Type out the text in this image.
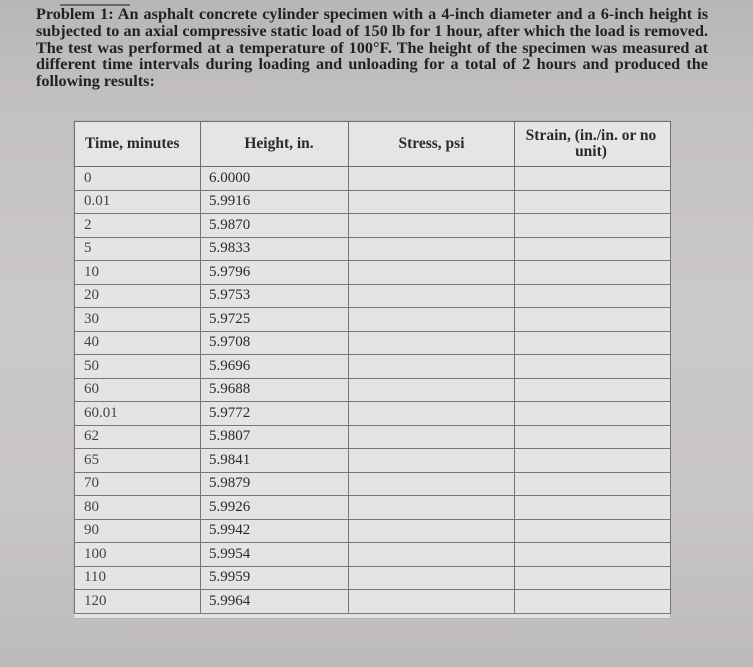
Problem 1: An asphalt concrete cylinder specimen with a 4-inch diameter and a 6-inch height is subjected to an axial compressive static load of 150 lb for 1 hour, after which the load is removed. The test was performed at a temperature of 100°F. The height of the specimen was measured at different time intervals during loading and unloading for a total of 2 hours and produced the following results:
Time, minutes	Height, in.	Stress, psi	Strain, (in./in. or no unit)
0	6.0000		
0.01	5.9916		
2	5.9870		
5	5.9833		
10	5.9796		
20	5.9753		
30	5.9725		
40	5.9708		
50	5.9696		
60	5.9688		
60.01	5.9772		
62	5.9807		
65	5.9841		
70	5.9879		
80	5.9926		
90	5.9942		
100	5.9954		
110	5.9959		
120	5.9964		
